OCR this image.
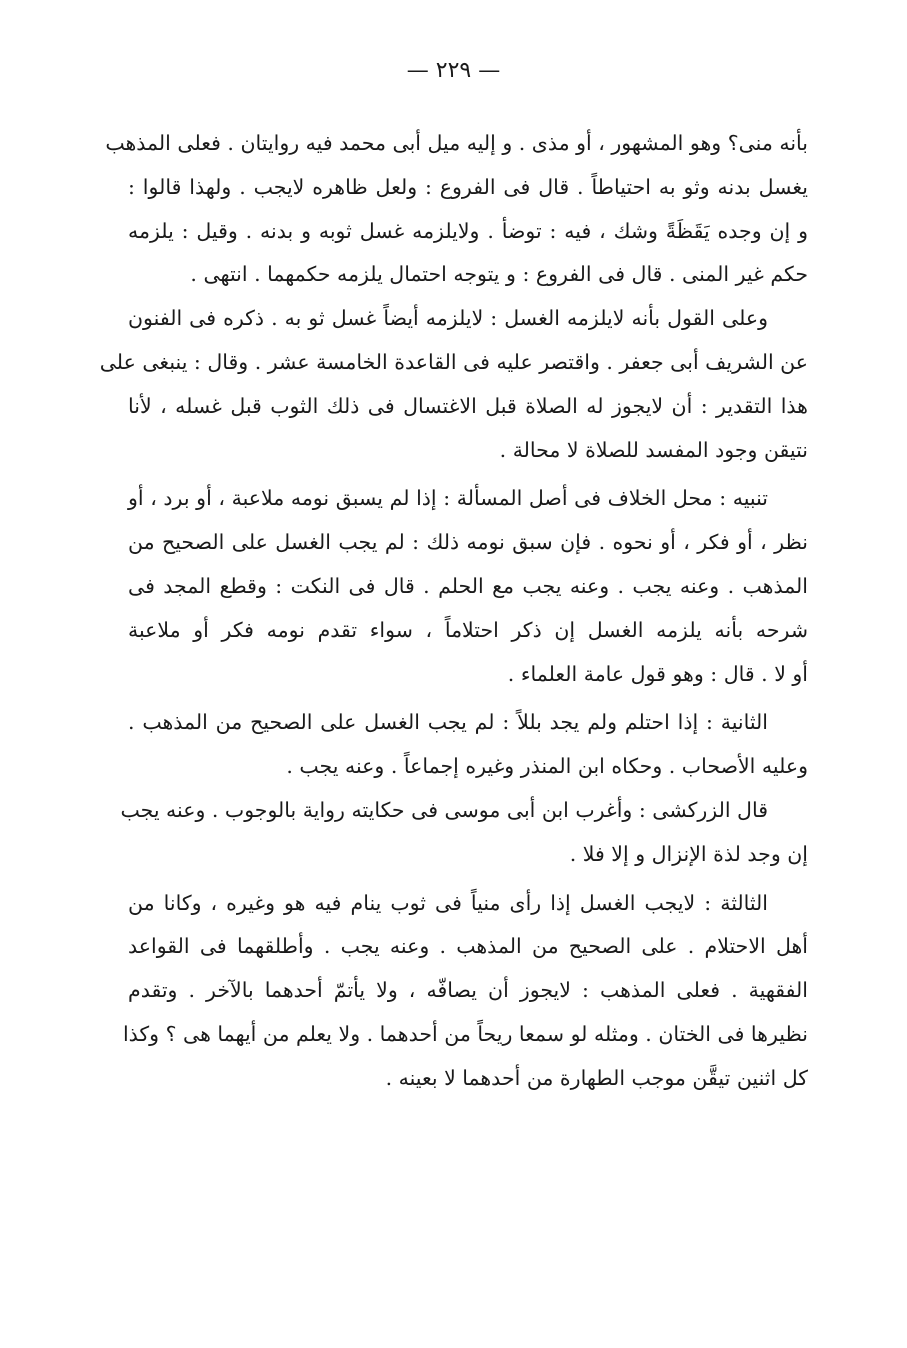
— ٢٢٩ —
بأنه منى؟ وهو المشهور ، أو مذى . و إليه ميل أبى محمد فيه روايتان . فعلى المذهب
يغسل بدنه وثو به احتياطاً . قال فى الفروع : ولعل ظاهره لايجب . ولهذا قالوا :
و إن وجده يَقَظَةً وشك ، فيه : توضأ . ولايلزمه غسل ثوبه و بدنه . وقيل : يلزمه
حكم غير المنى . قال فى الفروع : و يتوجه احتمال يلزمه حكمهما . انتهى .
وعلى القول بأنه لايلزمه الغسل : لايلزمه أيضاً غسل ثو به . ذكره فى الفنون
عن الشريف أبى جعفر . واقتصر عليه فى القاعدة الخامسة عشر . وقال : ينبغى على
هذا التقدير : أن لايجوز له الصلاة قبل الاغتسال فى ذلك الثوب قبل غسله ، لأنا
نتيقن وجود المفسد للصلاة لا محالة .
تنبيه : محل الخلاف فى أصل المسألة : إذا لم يسبق نومه ملاعبة ، أو برد ، أو
نظر ، أو فكر ، أو نحوه . فإن سبق نومه ذلك : لم يجب الغسل على الصحيح من
المذهب . وعنه يجب . وعنه يجب مع الحلم . قال فى النكت : وقطع المجد فى
شرحه بأنه يلزمه الغسل إن ذكر احتلاماً ، سواء تقدم نومه فكر أو ملاعبة
أو لا . قال : وهو قول عامة العلماء .
الثانية : إذا احتلم ولم يجد بللاً : لم يجب الغسل على الصحيح من المذهب .
وعليه الأصحاب . وحكاه ابن المنذر وغيره إجماعاً . وعنه يجب .
قال الزركشى : وأغرب ابن أبى موسى فى حكايته رواية بالوجوب . وعنه يجب
إن وجد لذة الإنزال و إلا فلا .
الثالثة : لايجب الغسل إذا رأى منياً فى ثوب ينام فيه هو وغيره ، وكانا من
أهل الاحتلام . على الصحيح من المذهب . وعنه يجب . وأطلقهما فى القواعد
الفقهية . فعلى المذهب : لايجوز أن يصافّه ، ولا يأتمّ أحدهما بالآخر . وتقدم
نظيرها فى الختان . ومثله لو سمعا ريحاً من أحدهما . ولا يعلم من أيهما هى ؟ وكذا
كل اثنين تيقَّن موجب الطهارة من أحدهما لا بعينه .
